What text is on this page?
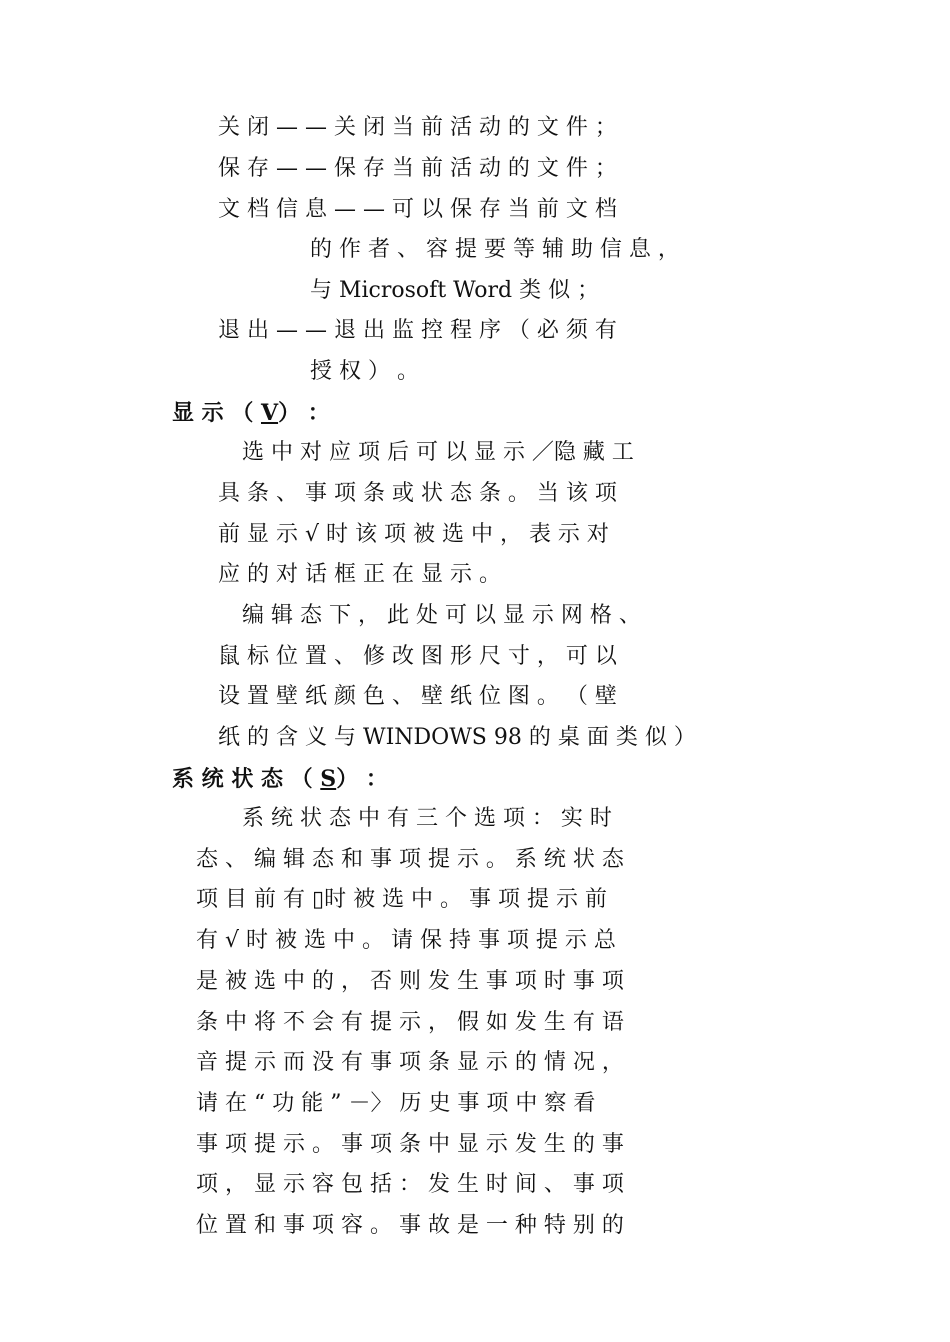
关 闭 — — 关 闭 当 前 活 动 的 文 件 ；
保 存 — — 保 存 当 前 活 动 的 文 件 ；
文 档 信 息 — — 可 以 保 存 当 前 文 档
的 作 者 、 容 提 要 等 辅 助 信 息 ，
与 Microsoft Word 类 似 ；
退 出 — — 退 出 监 控 程 序 （ 必 须 有
授 权 ） 。
显 示 （ V） ：
选 中 对 应 项 后 可 以 显 示 ／隐 藏 工
具 条 、 事 项 条 或 状 态 条 。 当 该 项
前 显 示 √ 时 该 项 被 选 中 ， 表 示 对
应 的 对 话 框 正 在 显 示 。
编 辑 态 下 ， 此 处 可 以 显 示 网 格 、
鼠 标 位 置 、 修 改 图 形 尺 寸 ， 可 以
设 置 壁 纸 颜 色 、 壁 纸 位 图 。 （ 壁
纸 的 含 义 与 WINDOWS 98 的 桌 面 类 似 ）
系 统 状 态 （ S） ：
系 统 状 态 中 有 三 个 选 项 ： 实 时
态 、 编 辑 态 和 事 项 提 示 。 系 统 状 态
项 目 前 有 ▯时 被 选 中 。 事 项 提 示 前
有 √ 时 被 选 中 。 请 保 持 事 项 提 示 总
是 被 选 中 的 ， 否 则 发 生 事 项 时 事 项
条 中 将 不 会 有 提 示 ， 假 如 发 生 有 语
音 提 示 而 没 有 事 项 条 显 示 的 情 况 ，
请 在 “ 功 能 ” －〉 历 史 事 项 中 察 看
事 项 提 示 。 事 项 条 中 显 示 发 生 的 事
项 ， 显 示 容 包 括 ： 发 生 时 间 、 事 项
位 置 和 事 项 容 。 事 故 是 一 种 特 别 的
